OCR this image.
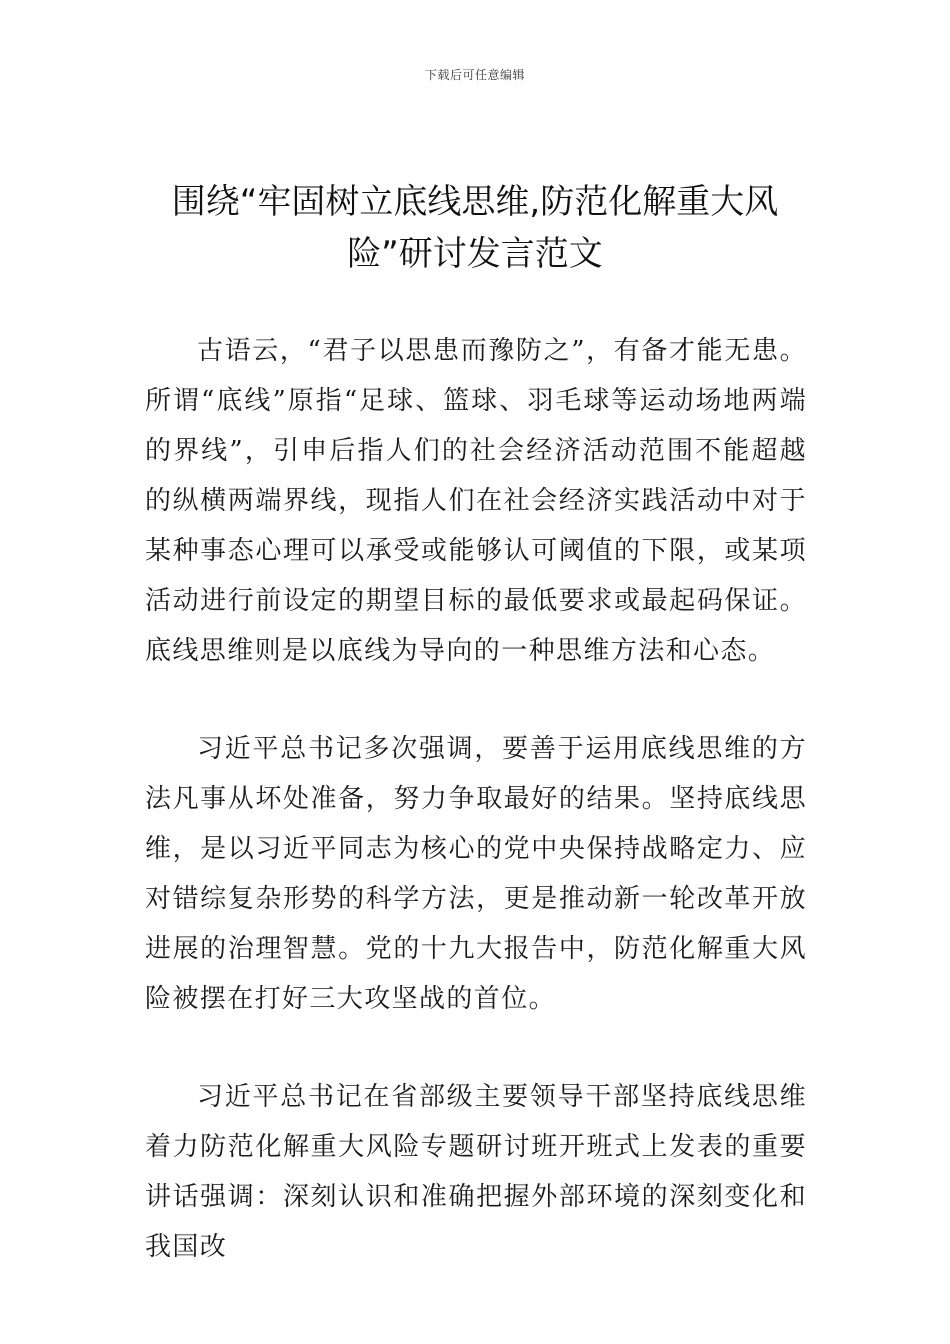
下载后可任意编辑
围绕“牢固树立底线思维,防范化解重大风险”研讨发言范文

古语云，“君子以思患而豫防之”，有备才能无患。所谓“底线”原指“足球、篮球、羽毛球等运动场地两端的界线”，引申后指人们的社会经济活动范围不能超越的纵横两端界线，现指人们在社会经济实践活动中对于某种事态心理可以承受或能够认可阈值的下限，或某项活动进行前设定的期望目标的最低要求或最起码保证。底线思维则是以底线为导向的一种思维方法和心态。

习近平总书记多次强调，要善于运用底线思维的方法凡事从坏处准备，努力争取最好的结果。坚持底线思维，是以习近平同志为核心的党中央保持战略定力、应对错综复杂形势的科学方法，更是推动新一轮改革开放进展的治理智慧。党的十九大报告中，防范化解重大风险被摆在打好三大攻坚战的首位。

习近平总书记在省部级主要领导干部坚持底线思维着力防范化解重大风险专题研讨班开班式上发表的重要讲话强调：深刻认识和准确把握外部环境的深刻变化和我国改
